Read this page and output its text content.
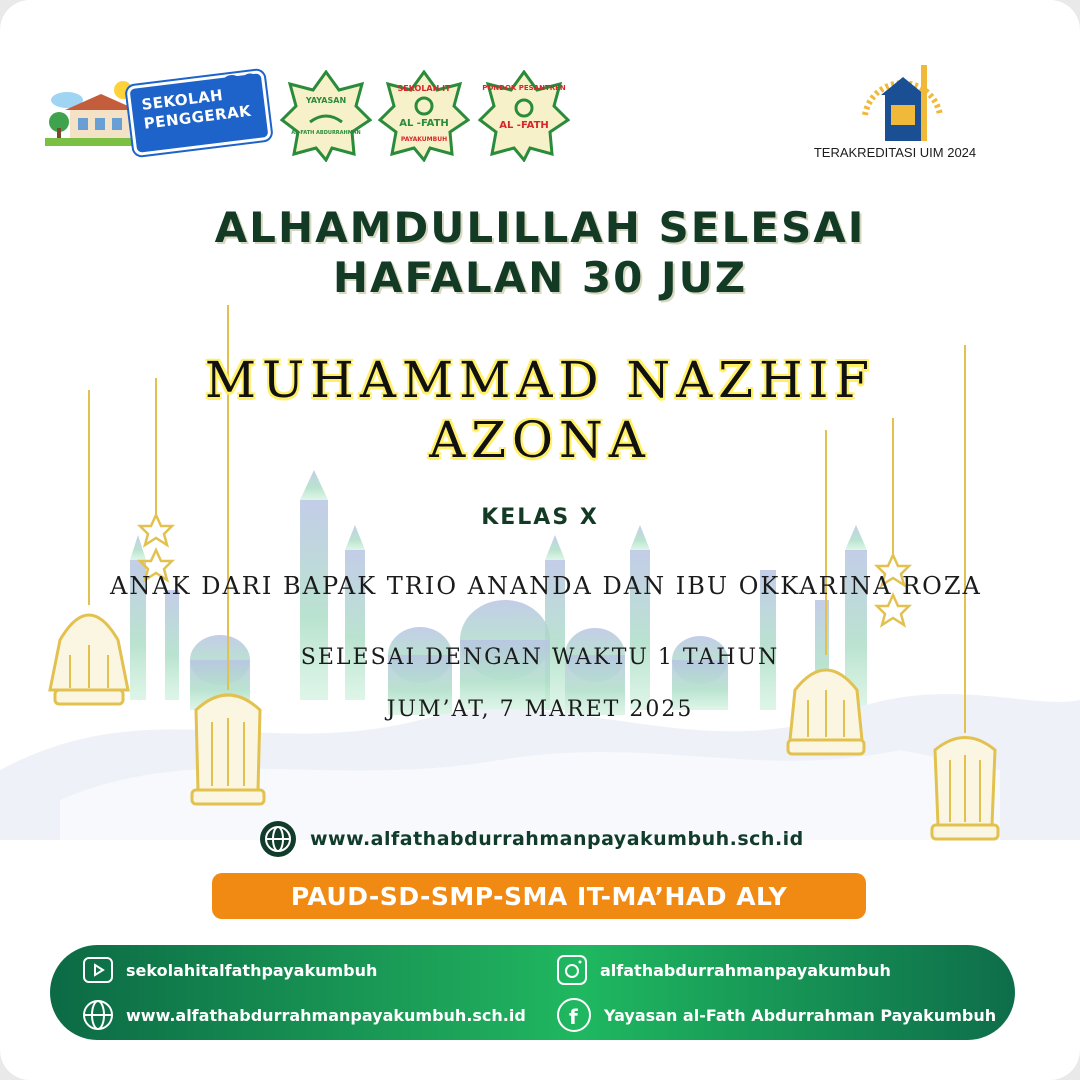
SEKOLAH PENGGERAK
YAYASAN
AL-FATH ABDURRAHMAN
SEKOLAH IT
AL -FATH
PAYAKUMBUH
PONDOK PESANTREN
AL -FATH
TERAKREDITASI UIM 2024
ALHAMDULILLAH SELESAI
HAFALAN 30 JUZ
MUHAMMAD NAZHIF
AZONA
KELAS X
ANAK DARI BAPAK TRIO ANANDA DAN IBU OKKARINA ROZA
SELESAI DENGAN WAKTU 1 TAHUN
JUM’AT, 7 MARET 2025
www.alfathabdurrahmanpayakumbuh.sch.id
PAUD-SD-SMP-SMA IT-MA’HAD ALY
sekolahitalfathpayakumbuh
www.alfathabdurrahmanpayakumbuh.sch.id
alfathabdurrahmanpayakumbuh
f Yayasan al-Fath Abdurrahman Payakumbuh
